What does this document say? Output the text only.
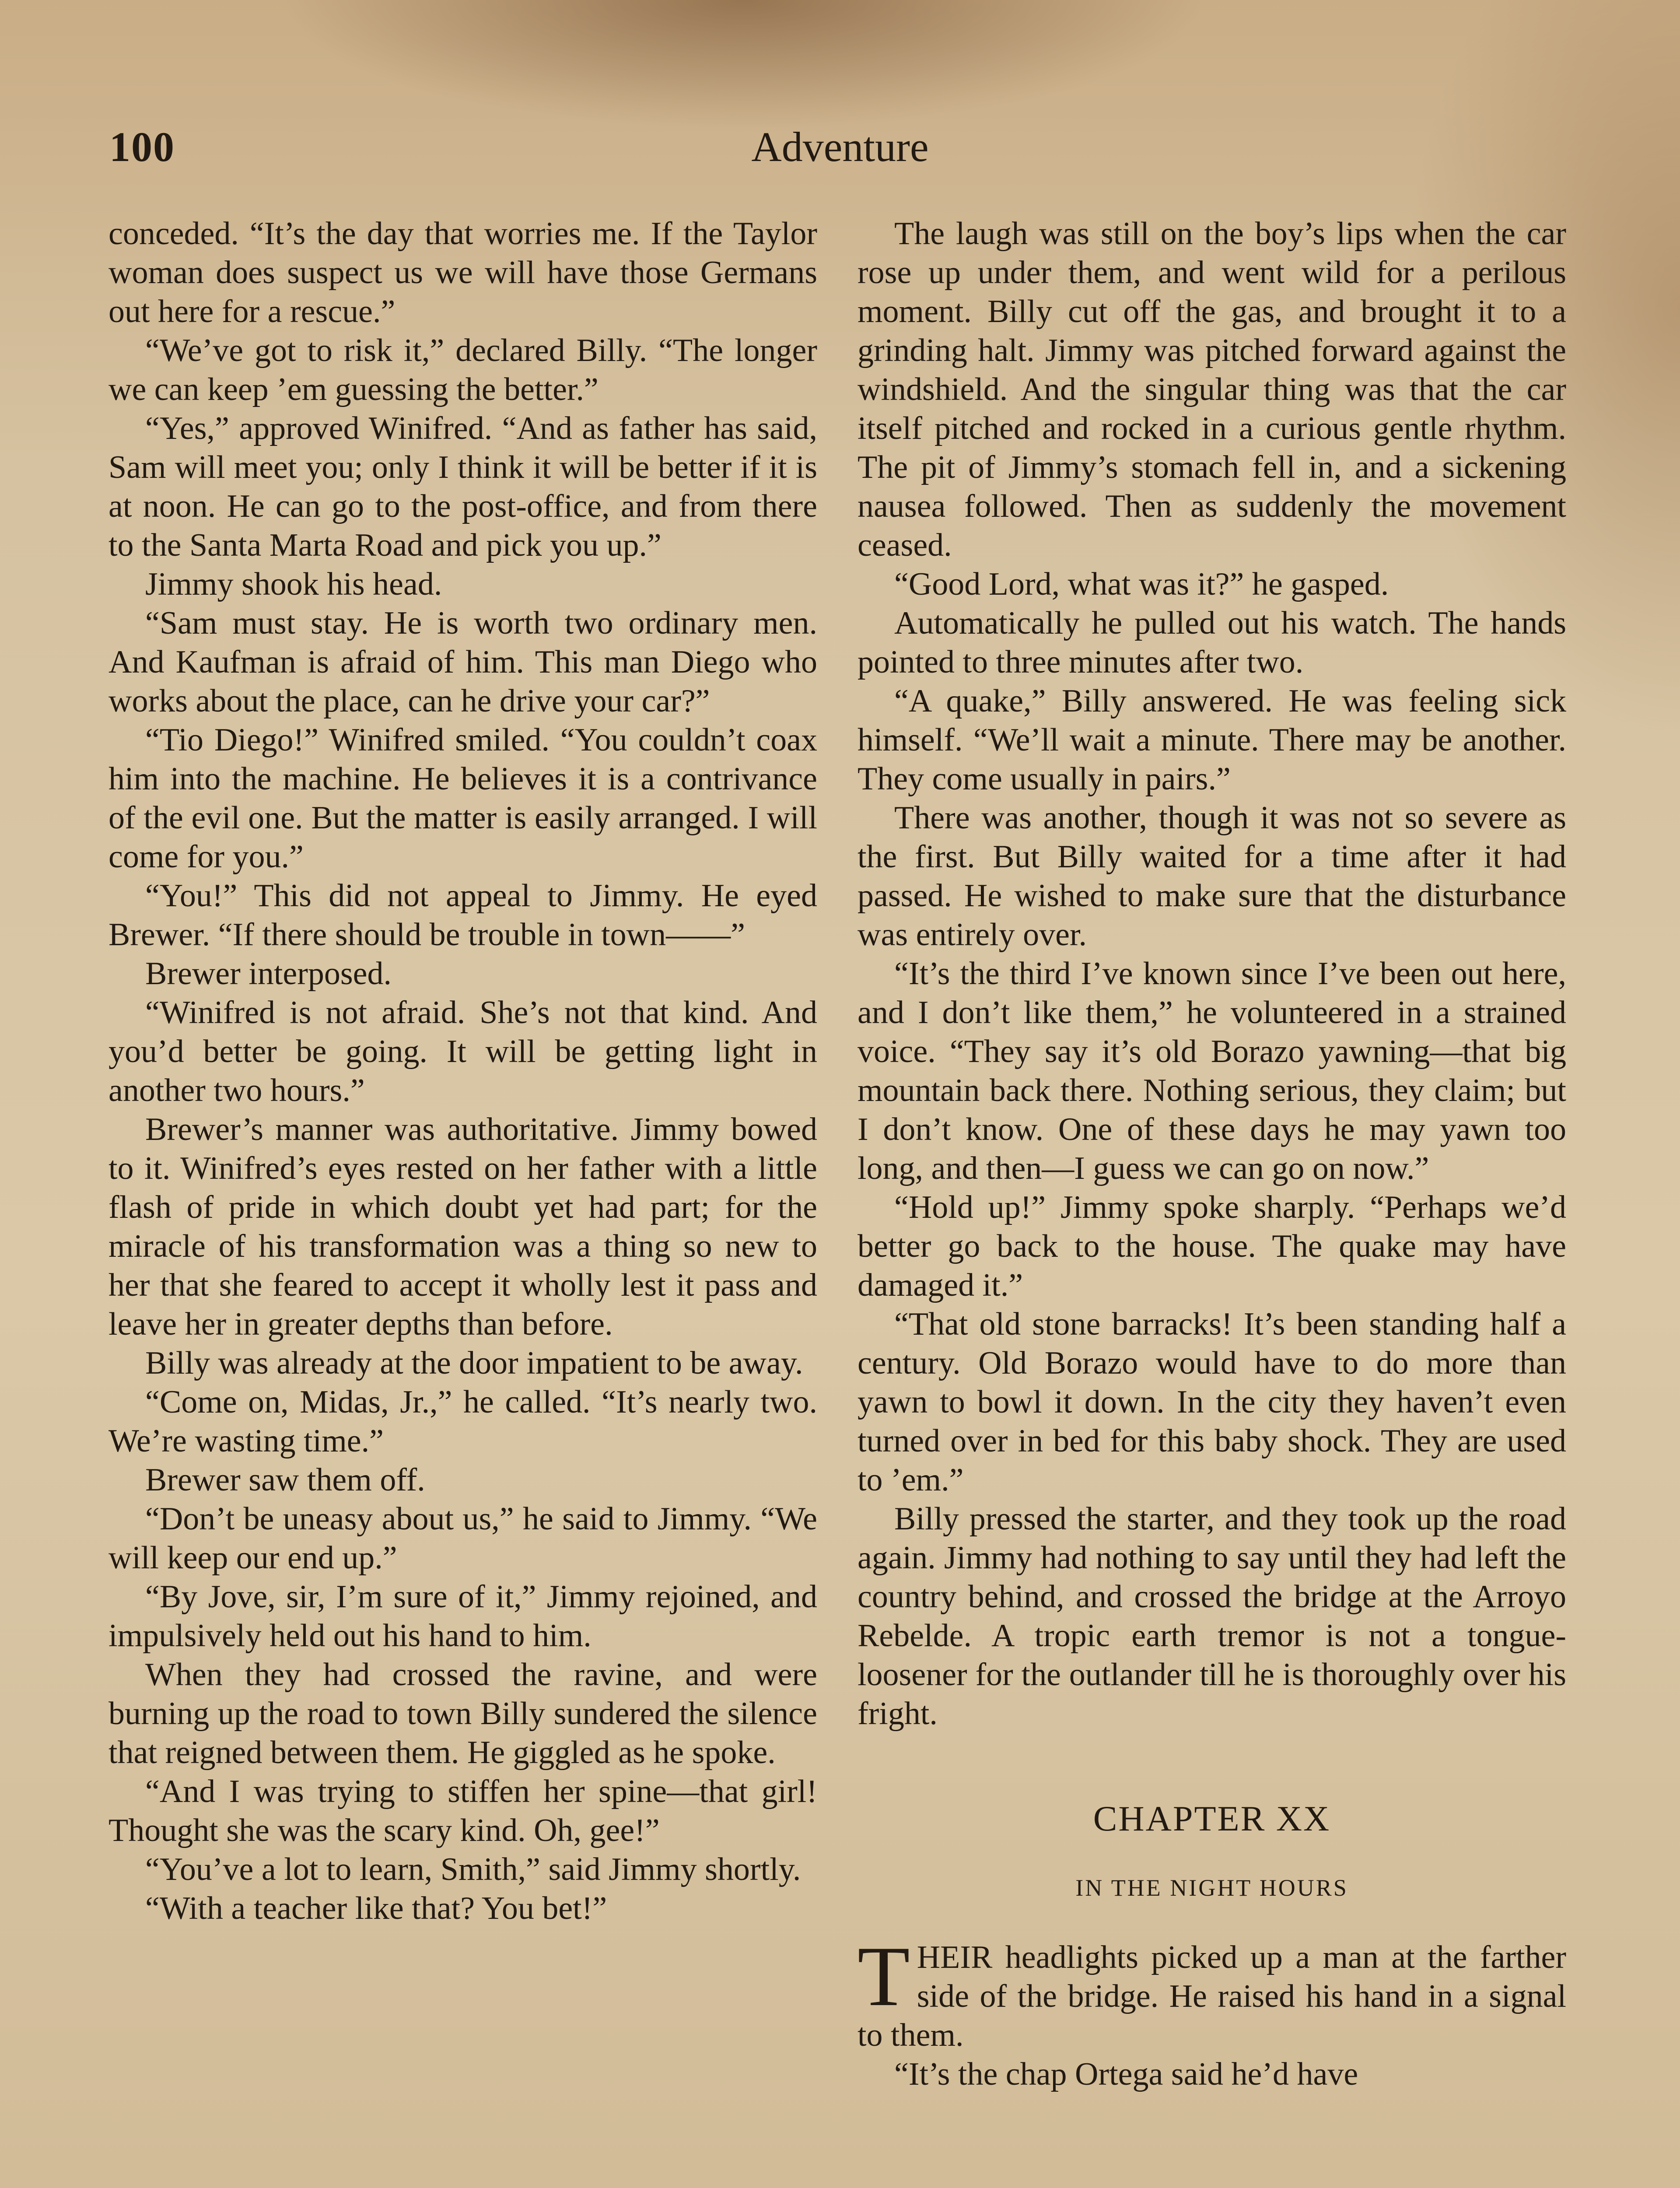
100	Adventure

conceded. “It’s the day that worries me. If the Taylor woman does suspect us we will have those Germans out here for a rescue.”

“We’ve got to risk it,” declared Billy. “The longer we can keep ’em guessing the better.”

“Yes,” approved Winifred. “And as father has said, Sam will meet you; only I think it will be better if it is at noon. He can go to the post-office, and from there to the Santa Marta Road and pick you up.”

Jimmy shook his head.

“Sam must stay. He is worth two ordinary men. And Kaufman is afraid of him. This man Diego who works about the place, can he drive your car?”

“Tio Diego!” Winifred smiled. “You couldn’t coax him into the machine. He believes it is a contrivance of the evil one. But the matter is easily arranged. I will come for you.”

“You!” This did not appeal to Jimmy. He eyed Brewer. “If there should be trouble in town——”

Brewer interposed.

“Winifred is not afraid. She’s not that kind. And you’d better be going. It will be getting light in another two hours.”

Brewer’s manner was authoritative. Jimmy bowed to it. Winifred’s eyes rested on her father with a little flash of pride in which doubt yet had part; for the miracle of his transformation was a thing so new to her that she feared to accept it wholly lest it pass and leave her in greater depths than before.

Billy was already at the door impatient to be away.

“Come on, Midas, Jr.,” he called. “It’s nearly two. We’re wasting time.”

Brewer saw them off.

“Don’t be uneasy about us,” he said to Jimmy. “We will keep our end up.”

“By Jove, sir, I’m sure of it,” Jimmy rejoined, and impulsively held out his hand to him.

When they had crossed the ravine, and were burning up the road to town Billy sundered the silence that reigned between them. He giggled as he spoke.

“And I was trying to stiffen her spine—that girl! Thought she was the scary kind. Oh, gee!”

“You’ve a lot to learn, Smith,” said Jimmy shortly.

“With a teacher like that? You bet!”

The laugh was still on the boy’s lips when the car rose up under them, and went wild for a perilous moment. Billy cut off the gas, and brought it to a grinding halt. Jimmy was pitched forward against the windshield. And the singular thing was that the car itself pitched and rocked in a curious gentle rhythm. The pit of Jimmy’s stomach fell in, and a sickening nausea followed. Then as suddenly the movement ceased.

“Good Lord, what was it?” he gasped.

Automatically he pulled out his watch. The hands pointed to three minutes after two.

“A quake,” Billy answered. He was feeling sick himself. “We’ll wait a minute. There may be another. They come usually in pairs.”

There was another, though it was not so severe as the first. But Billy waited for a time after it had passed. He wished to make sure that the disturbance was entirely over.

“It’s the third I’ve known since I’ve been out here, and I don’t like them,” he volunteered in a strained voice. “They say it’s old Borazo yawning—that big mountain back there. Nothing serious, they claim; but I don’t know. One of these days he may yawn too long, and then—I guess we can go on now.”

“Hold up!” Jimmy spoke sharply. “Perhaps we’d better go back to the house. The quake may have damaged it.”

“That old stone barracks! It’s been standing half a century. Old Borazo would have to do more than yawn to bowl it down. In the city they haven’t even turned over in bed for this baby shock. They are used to ’em.”

Billy pressed the starter, and they took up the road again. Jimmy had nothing to say until they had left the country behind, and crossed the bridge at the Arroyo Rebelde. A tropic earth tremor is not a tongue-loosener for the outlander till he is thoroughly over his fright.

CHAPTER XX
IN THE NIGHT HOURS

THEIR headlights picked up a man at the farther side of the bridge. He raised his hand in a signal to them.

“It’s the chap Ortega said he’d have
